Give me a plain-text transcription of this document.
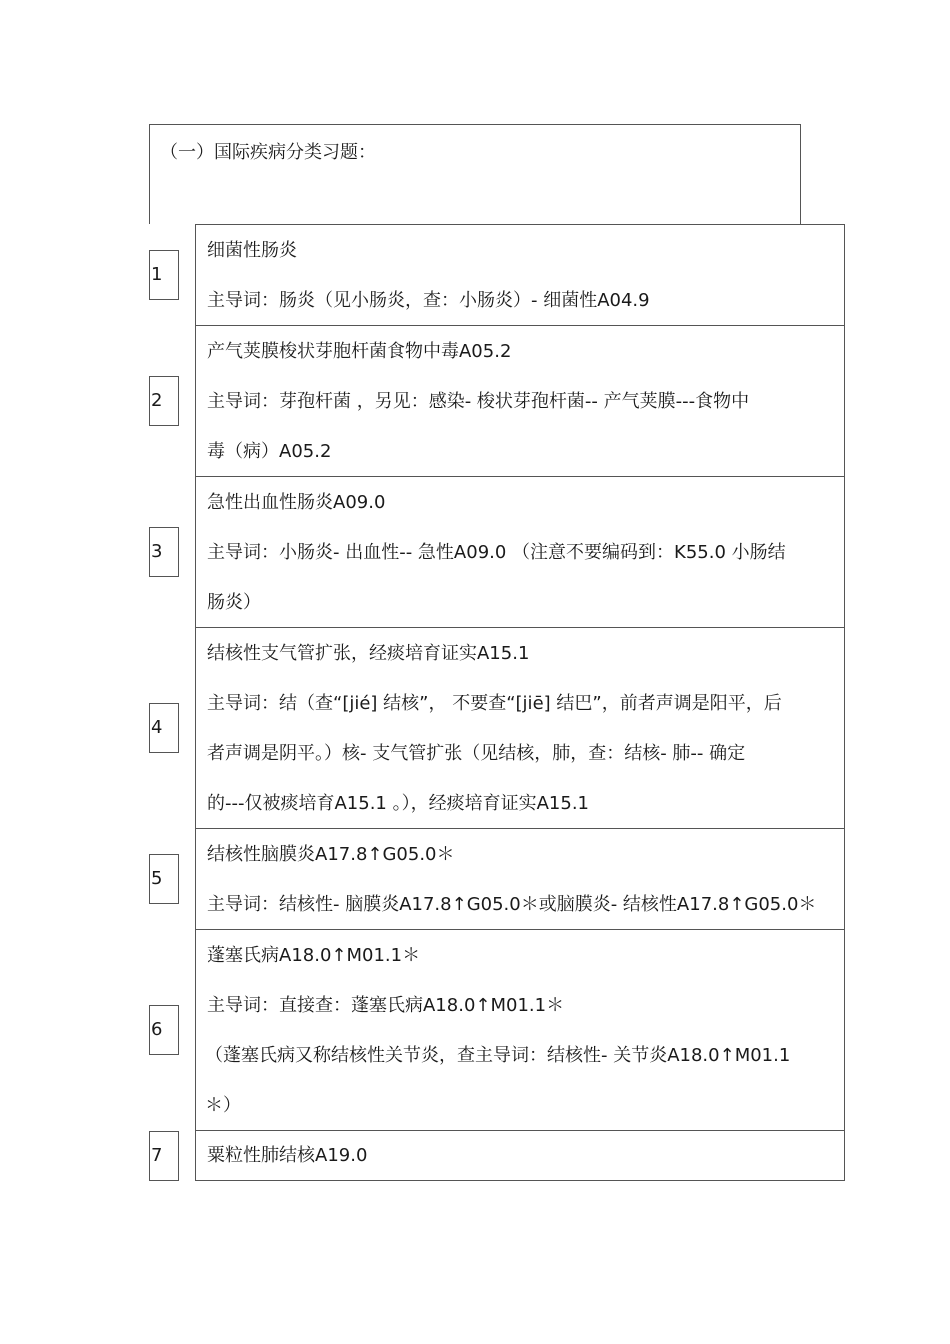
（一）国际疾病分类习题：
1
细菌性肠炎
主导词：肠炎（见小肠炎，查：小肠炎）- 细菌性A04.9
2
产气荚膜梭状芽胞杆菌食物中毒A05.2
主导词：芽孢杆菌 ，另见：感染- 梭状芽孢杆菌-- 产气荚膜---食物中
毒（病）A05.2
3
急性出血性肠炎A09.0
主导词：小肠炎- 出血性-- 急性A09.0 （注意不要编码到：K55.0 小肠结
肠炎）
4
结核性支气管扩张，经痰培育证实A15.1
主导词：结（查“[jié] 结核”， 不要查“[jiē] 结巴”，前者声调是阳平，后
者声调是阴平。）核- 支气管扩张（见结核，肺，查：结核- 肺-- 确定
的---仅被痰培育A15.1 。），经痰培育证实A15.1
5
结核性脑膜炎A17.8↑G05.0＊
主导词：结核性- 脑膜炎A17.8↑G05.0＊或脑膜炎- 结核性A17.8↑G05.0＊
6
蓬塞氏病A18.0↑M01.1＊
主导词：直接查：蓬塞氏病A18.0↑M01.1＊
（蓬塞氏病又称结核性关节炎，查主导词：结核性- 关节炎A18.0↑M01.1
＊）
7	粟粒性肺结核A19.0
